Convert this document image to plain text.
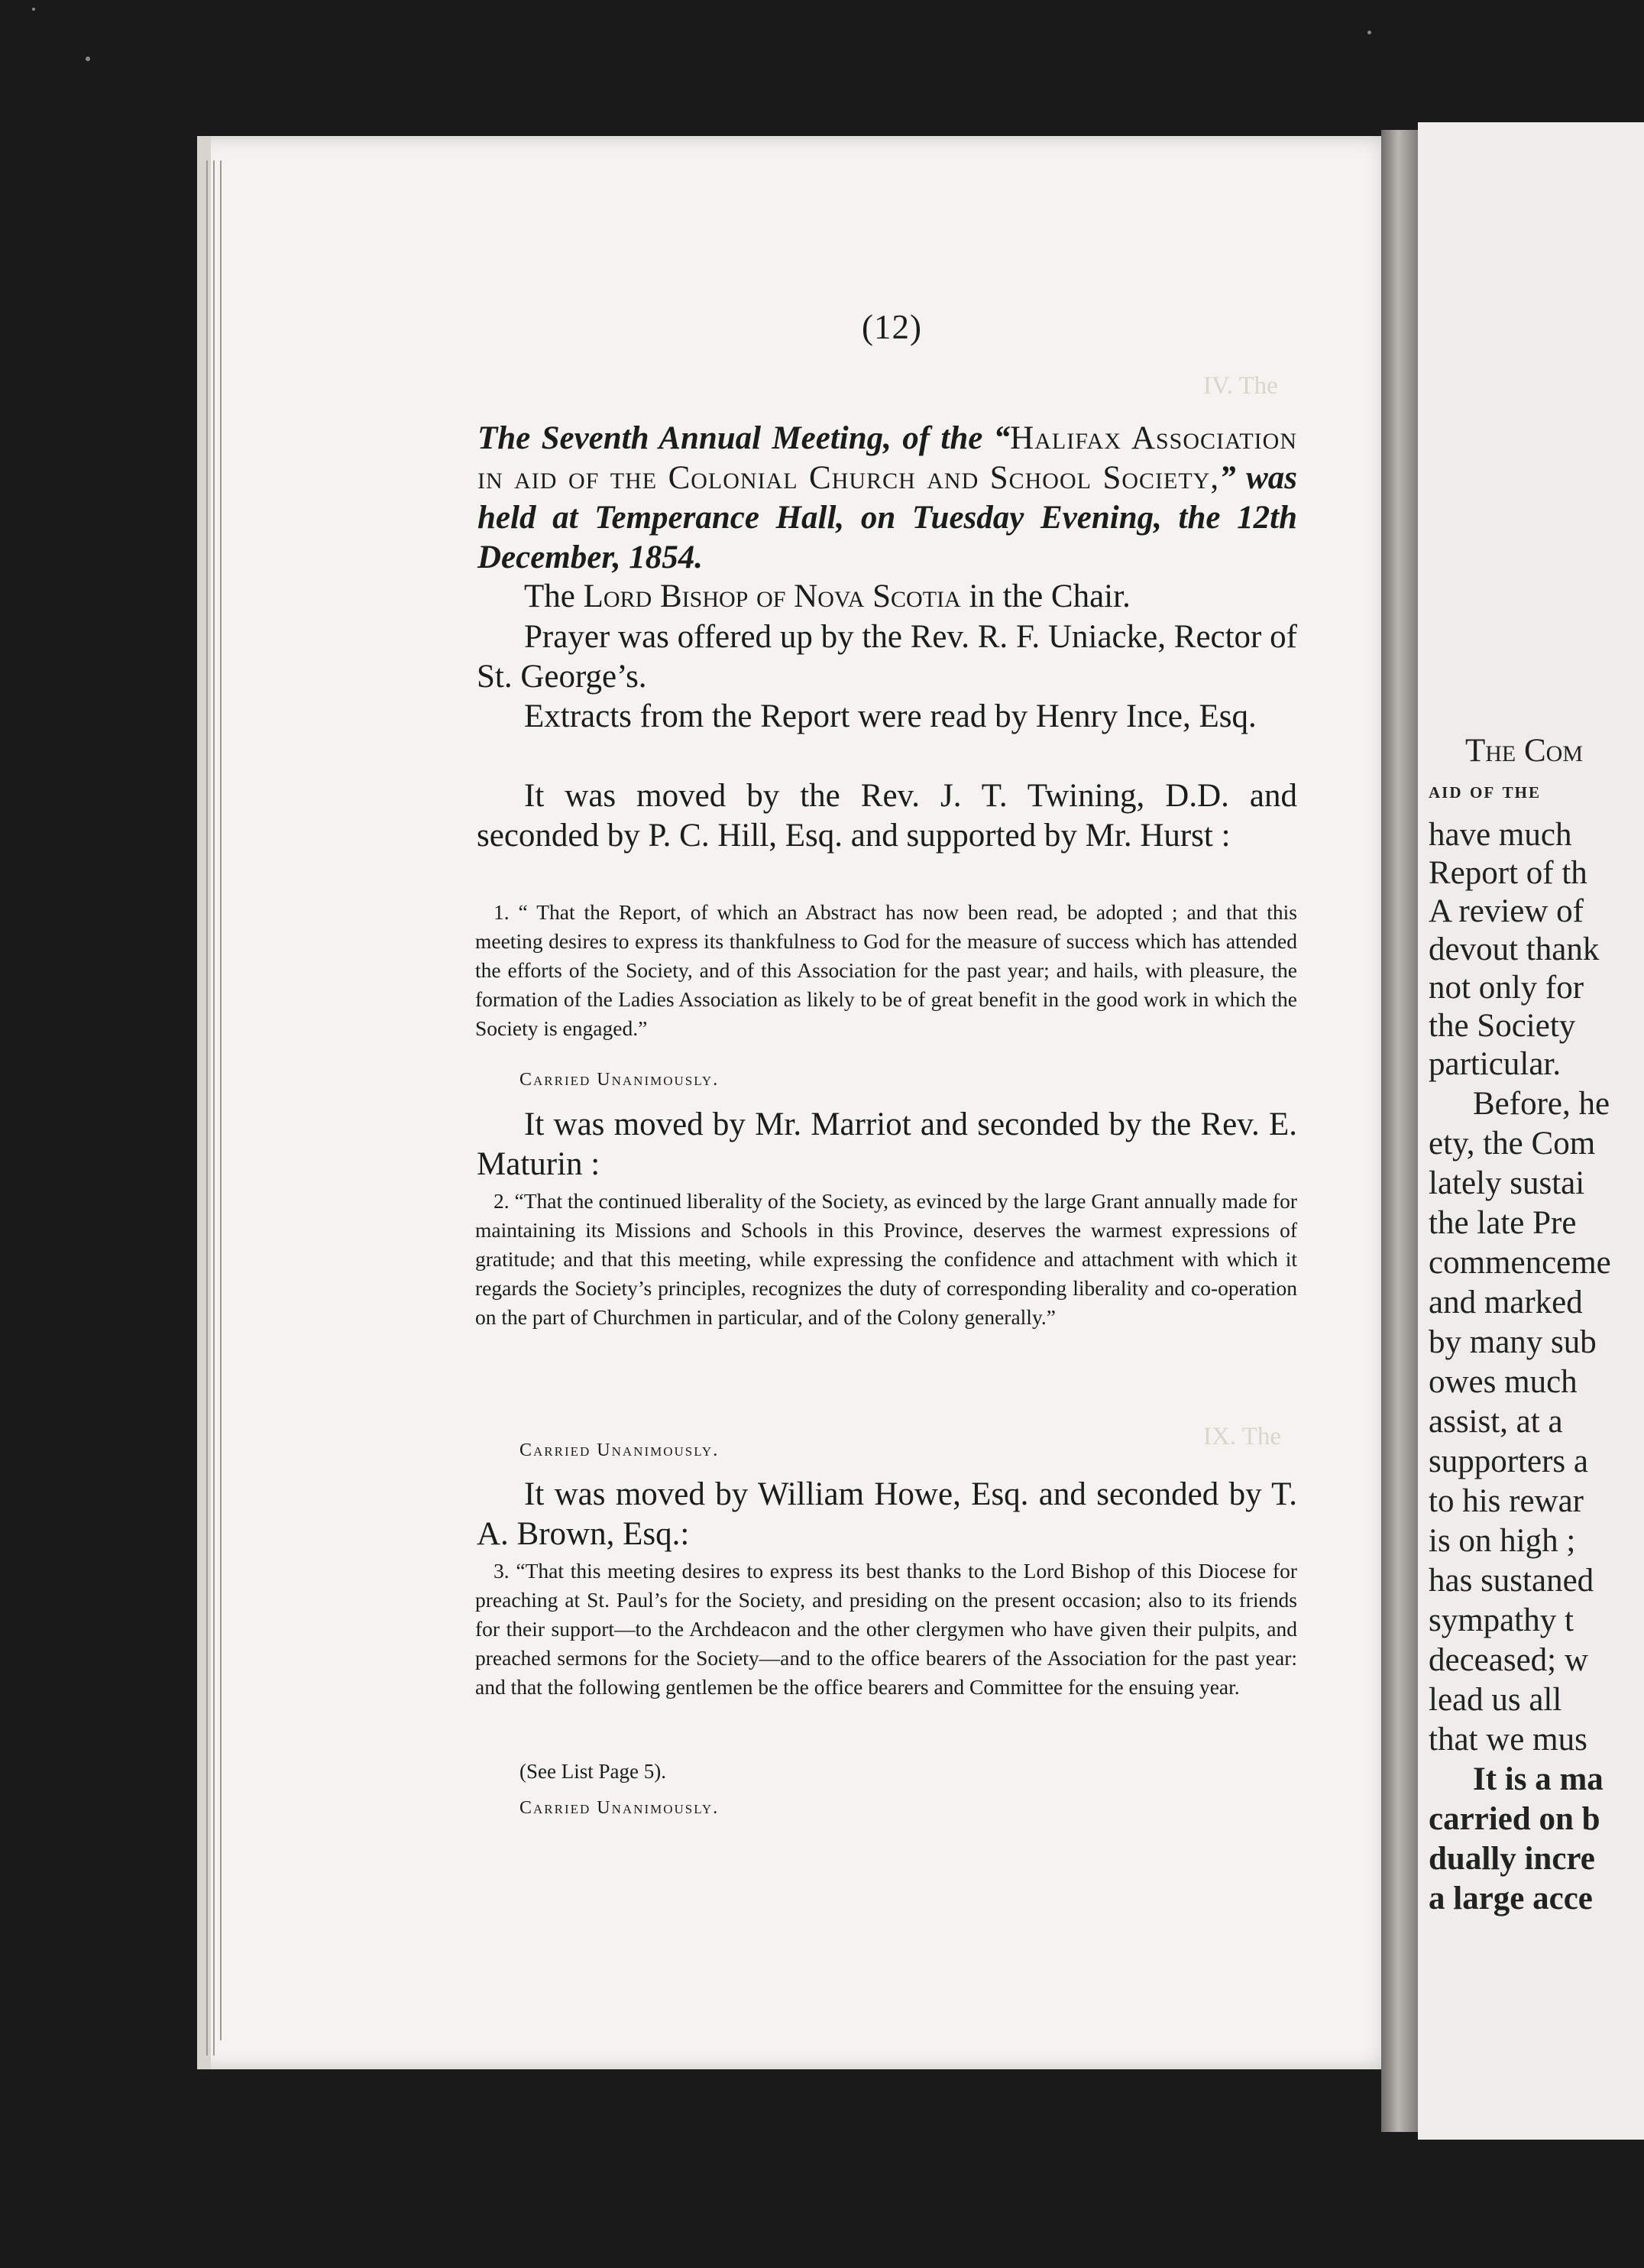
IV. The
IX. The

(12)

The Seventh Annual Meeting, of the “Halifax Association in aid of the Colonial Church and School Society,” was held at Temperance Hall, on Tuesday Evening, the 12th December, 1854.

The Lord Bishop of Nova Scotia in the Chair.

Prayer was offered up by the Rev. R. F. Uniacke, Rector of St. George’s.

Extracts from the Report were read by Henry Ince, Esq.

It was moved by the Rev. J. T. Twining, D.D. and seconded by P. C. Hill, Esq. and supported by Mr. Hurst :

1. “ That the Report, of which an Abstract has now been read, be adopted ; and that this meeting desires to express its thankfulness to God for the measure of success which has attended the efforts of the Society, and of this Association for the past year; and hails, with pleasure, the formation of the Ladies Association as likely to be of great benefit in the good work in which the Society is engaged.”

Carried Unanimously.

It was moved by Mr. Marriot and seconded by the Rev. E. Maturin :

2. “That the continued liberality of the Society, as evinced by the large Grant annually made for maintaining its Missions and Schools in this Province, deserves the warmest expressions of gratitude; and that this meeting, while expressing the confidence and attachment with which it regards the Society’s principles, recognizes the duty of corresponding liberality and co-operation on the part of Churchmen in particular, and of the Colony generally.”

Carried Unanimously.

It was moved by William Howe, Esq. and seconded by T. A. Brown, Esq.:

3. “That this meeting desires to express its best thanks to the Lord Bishop of this Diocese for preaching at St. Paul’s for the Society, and presiding on the present occasion; also to its friends for their support—to the Archdeacon and the other clergymen who have given their pulpits, and preached sermons for the Society—and to the office bearers of the Association for the past year: and that the following gentlemen be the office bearers and Committee for the ensuing year.

(See List Page 5).

Carried Unanimously.

The Com

aid of the

have much

Report of th

A review of

devout thank

not only for

the Society

particular.

Before, he

ety, the Com

lately sustai

the late Pre

commenceme

and marked

by many sub

owes much

assist, at a

supporters a

to his rewar

is on high ;

has sustaned

sympathy t

deceased; w

lead us all

that we mus

It is a ma

carried on b

dually incre

a large acce
